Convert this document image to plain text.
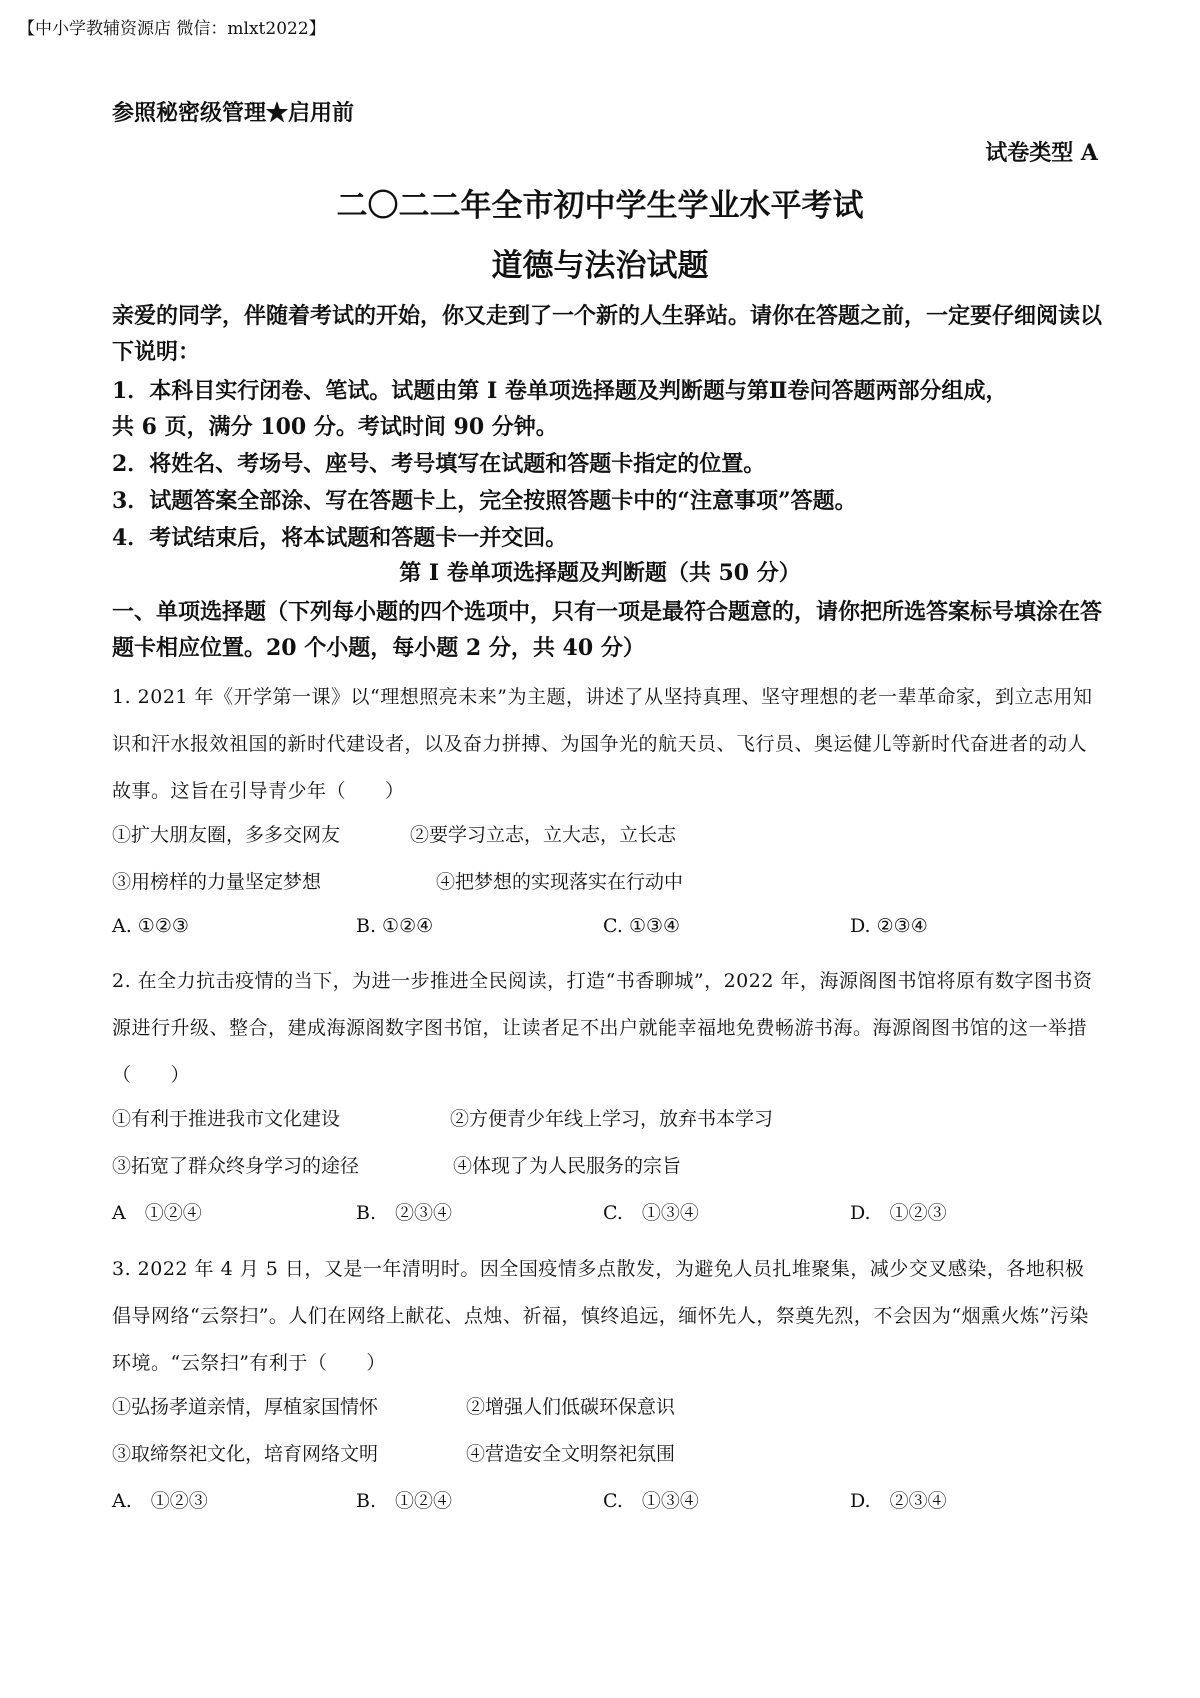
【中小学教辅资源店 微信：mlxt2022】
参照秘密级管理★启用前
试卷类型 A
二〇二二年全市初中学生学业水平考试
道德与法治试题
亲爱的同学，伴随着考试的开始，你又走到了一个新的人生驿站。请你在答题之前，一定要仔细阅读以下说明：
1．本科目实行闭卷、笔试。试题由第 I 卷单项选择题及判断题与第Ⅱ卷问答题两部分组成，
共 6 页，满分 100 分。考试时间 90 分钟。
2．将姓名、考场号、座号、考号填写在试题和答题卡指定的位置。
3．试题答案全部涂、写在答题卡上，完全按照答题卡中的“注意事项”答题。
4．考试结束后，将本试题和答题卡一并交回。
第 I 卷单项选择题及判断题（共 50 分）
一、单项选择题（下列每小题的四个选项中，只有一项是最符合题意的，请你把所选答案标号填涂在答题卡相应位置。20 个小题，每小题 2 分，共 40 分）
1. 2021 年《开学第一课》以“理想照亮未来”为主题，讲述了从坚持真理、坚守理想的老一辈革命家，到立志用知识和汗水报效祖国的新时代建设者，以及奋力拼搏、为国争光的航天员、飞行员、奥运健儿等新时代奋进者的动人故事。这旨在引导青少年（　　）
①扩大朋友圈，多多交网友	②要学习立志，立大志，立长志
③用榜样的力量坚定梦想	④把梦想的实现落实在行动中
A. ①②③	B. ①②④	C. ①③④	D. ②③④
2. 在全力抗击疫情的当下，为进一步推进全民阅读，打造“书香聊城”，2022 年，海源阁图书馆将原有数字图书资源进行升级、整合，建成海源阁数字图书馆，让读者足不出户就能幸福地免费畅游书海。海源阁图书馆的这一举措（　　）
①有利于推进我市文化建设	②方便青少年线上学习，放弃书本学习
③拓宽了群众终身学习的途径	④体现了为人民服务的宗旨
A　①②④	B.　②③④	C.　①③④	D.　①②③
3. 2022 年 4 月 5 日，又是一年清明时。因全国疫情多点散发，为避免人员扎堆聚集，减少交叉感染，各地积极倡导网络“云祭扫”。人们在网络上献花、点烛、祈福，慎终追远，缅怀先人，祭奠先烈，不会因为“烟熏火炼”污染环境。“云祭扫”有利于（　　）
①弘扬孝道亲情，厚植家国情怀	②增强人们低碳环保意识
③取缔祭祀文化，培育网络文明	④营造安全文明祭祀氛围
A.　①②③	B.　①②④	C.　①③④	D.　②③④
